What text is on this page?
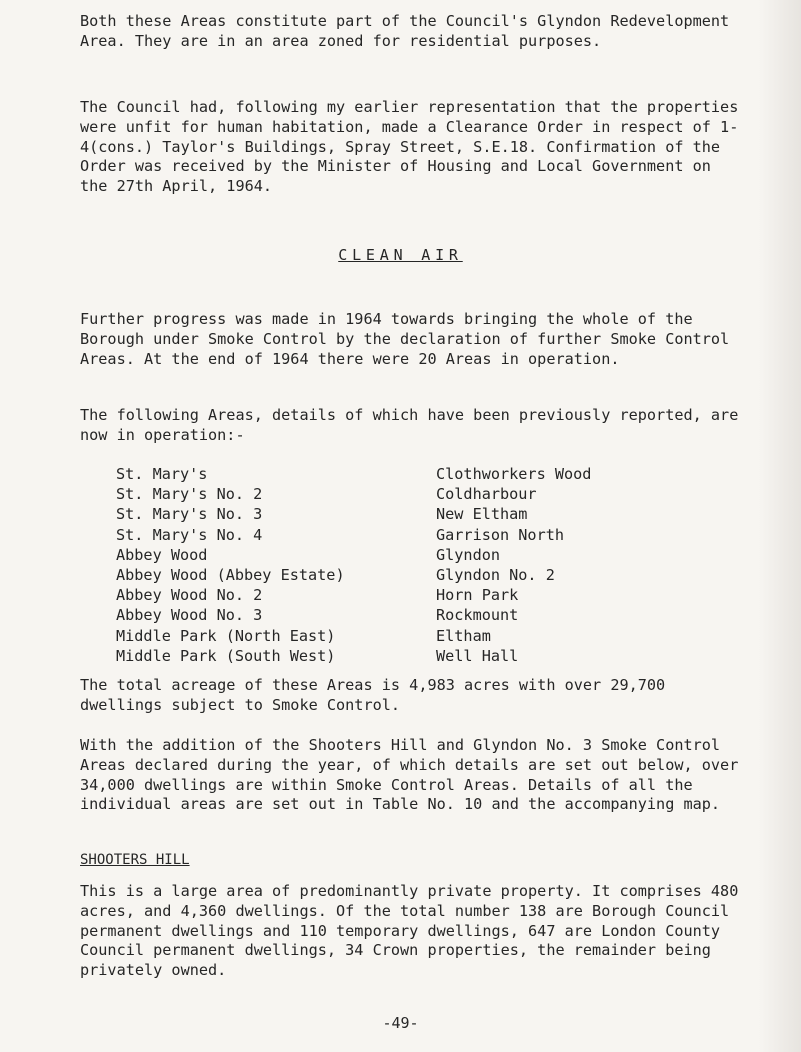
Both these Areas constitute part of the Council's Glyndon Redevelopment Area. They are in an area zoned for residential purposes.

The Council had, following my earlier representation that the properties were unfit for human habitation, made a Clearance Order in respect of 1-4(cons.) Taylor's Buildings, Spray Street, S.E.18. Confirmation of the Order was received by the Minister of Housing and Local Government on the 27th April, 1964.

CLEAN AIR

Further progress was made in 1964 towards bringing the whole of the Borough under Smoke Control by the declaration of further Smoke Control Areas. At the end of 1964 there were 20 Areas in operation.

The following Areas, details of which have been previously reported, are now in operation:-

St. Mary's	Clothworkers Wood
St. Mary's No. 2	Coldharbour
St. Mary's No. 3	New Eltham
St. Mary's No. 4	Garrison North
Abbey Wood	Glyndon
Abbey Wood (Abbey Estate)	Glyndon No. 2
Abbey Wood No. 2	Horn Park
Abbey Wood No. 3	Rockmount
Middle Park (North East)	Eltham
Middle Park (South West)	Well Hall

The total acreage of these Areas is 4,983 acres with over 29,700 dwellings subject to Smoke Control.

With the addition of the Shooters Hill and Glyndon No. 3 Smoke Control Areas declared during the year, of which details are set out below, over 34,000 dwellings are within Smoke Control Areas. Details of all the individual areas are set out in Table No. 10 and the accompanying map.

SHOOTERS HILL

This is a large area of predominantly private property. It comprises 480 acres, and 4,360 dwellings. Of the total number 138 are Borough Council permanent dwellings and 110 temporary dwellings, 647 are London County Council permanent dwellings, 34 Crown properties, the remainder being privately owned.

-49-
